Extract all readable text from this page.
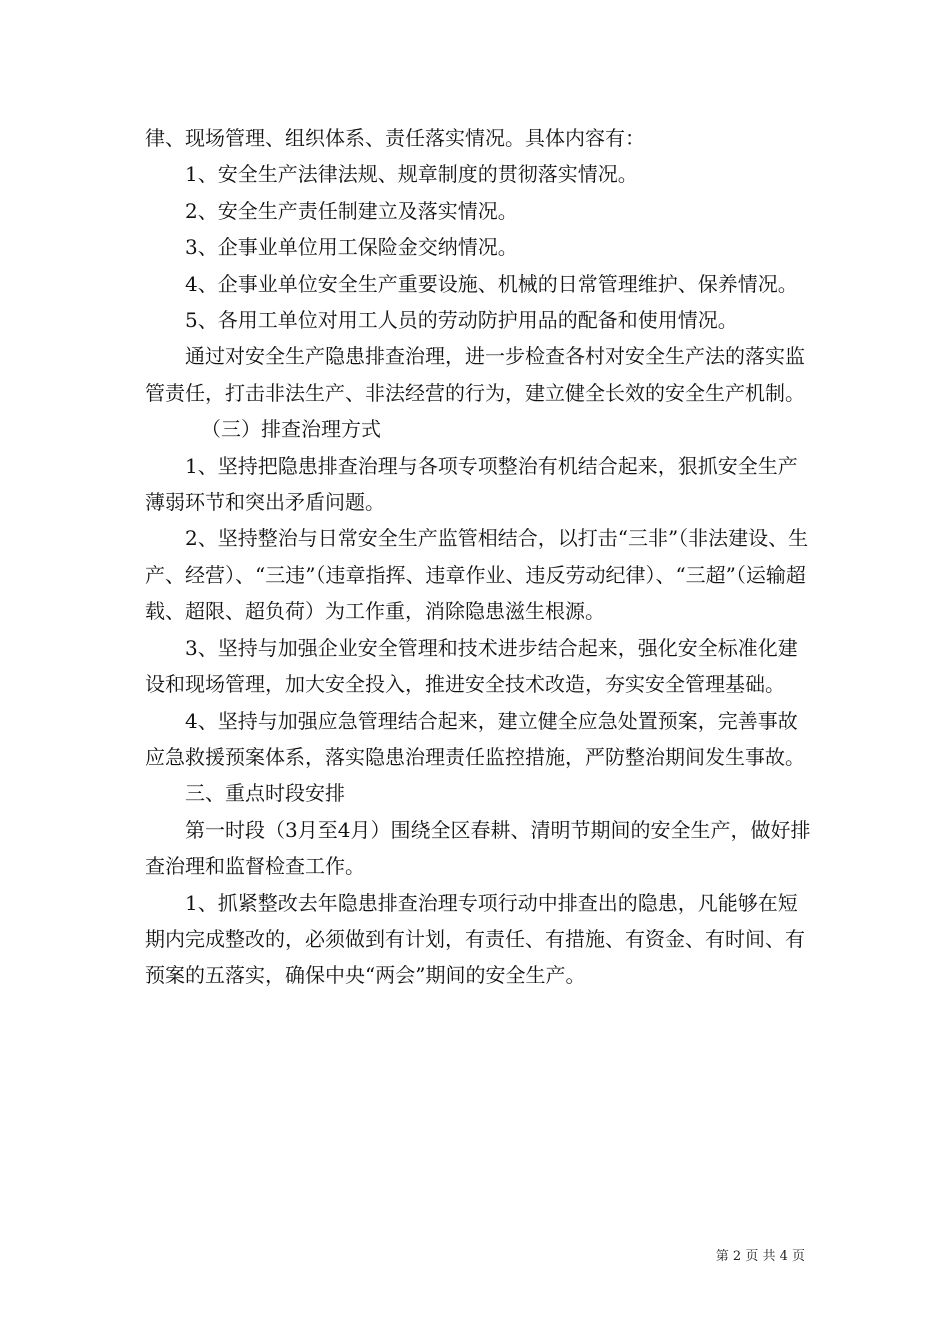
律、现场管理、组织体系、责任落实情况。具体内容有：

1、安全生产法律法规、规章制度的贯彻落实情况。

2、安全生产责任制建立及落实情况。

3、企事业单位用工保险金交纳情况。

4、企事业单位安全生产重要设施、机械的日常管理维护、保养情况。

5、各用工单位对用工人员的劳动防护用品的配备和使用情况。

通过对安全生产隐患排查治理，进一步检查各村对安全生产法的落实监管责任，打击非法生产、非法经营的行为，建立健全长效的安全生产机制。

（三）排查治理方式

1、坚持把隐患排查治理与各项专项整治有机结合起来，狠抓安全生产薄弱环节和突出矛盾问题。

2、坚持整治与日常安全生产监管相结合，以打击“三非”（非法建设、生产、经营）、“三违”（违章指挥、违章作业、违反劳动纪律）、“三超”（运输超载、超限、超负荷）为工作重，消除隐患滋生根源。

3、坚持与加强企业安全管理和技术进步结合起来，强化安全标准化建设和现场管理，加大安全投入，推进安全技术改造，夯实安全管理基础。

4、坚持与加强应急管理结合起来，建立健全应急处置预案，完善事故应急救援预案体系，落实隐患治理责任监控措施，严防整治期间发生事故。

三、重点时段安排

第一时段（3月至4月）围绕全区春耕、清明节期间的安全生产，做好排查治理和监督检查工作。

1、抓紧整改去年隐患排查治理专项行动中排查出的隐患，凡能够在短期内完成整改的，必须做到有计划，有责任、有措施、有资金、有时间、有预案的五落实，确保中央“两会”期间的安全生产。

第 2 页 共 4 页
